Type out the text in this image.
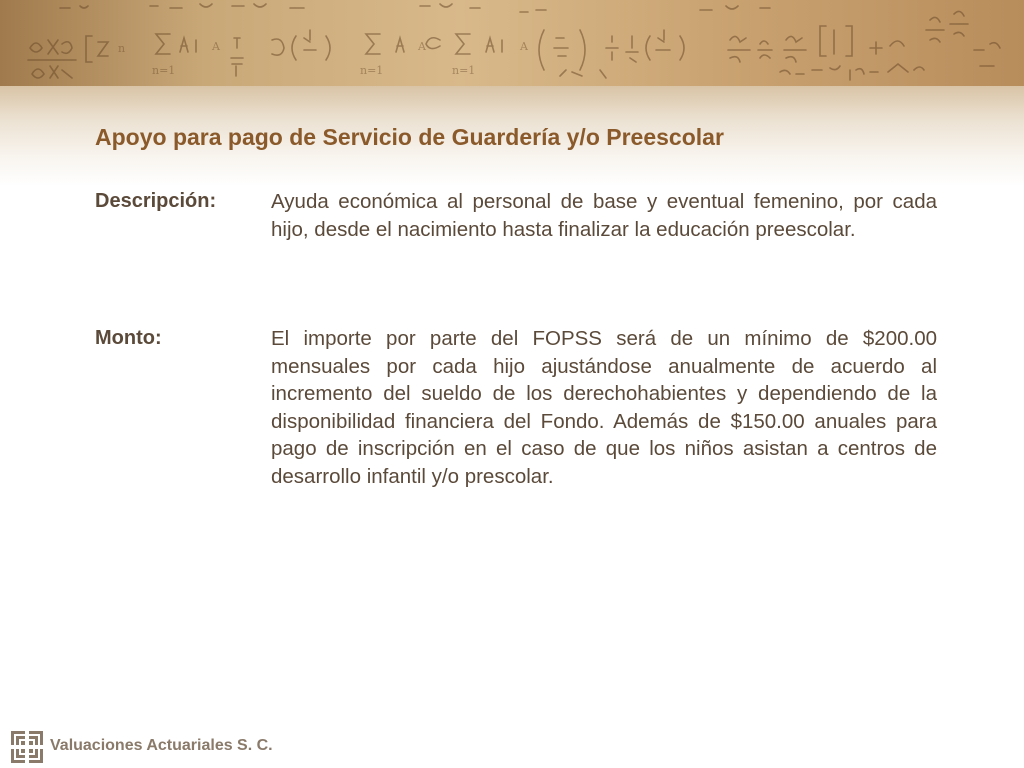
n	A	A	A
n=1	n=1	n=1
Apoyo para pago de Servicio de Guardería y/o Preescolar
Descripción:	Ayuda económica al personal de base y eventual femenino, por cada hijo, desde el nacimiento hasta finalizar la educación preescolar.
Monto:	El importe por parte del FOPSS será de un mínimo de $200.00 mensuales por cada hijo ajustándose anualmente de acuerdo al incremento del sueldo de los derechohabientes y dependiendo de la disponibilidad financiera del Fondo. Además de $150.00 anuales para pago de inscripción en el caso de que los niños asistan a centros de desarrollo infantil y/o prescolar.
Valuaciones Actuariales S. C.
